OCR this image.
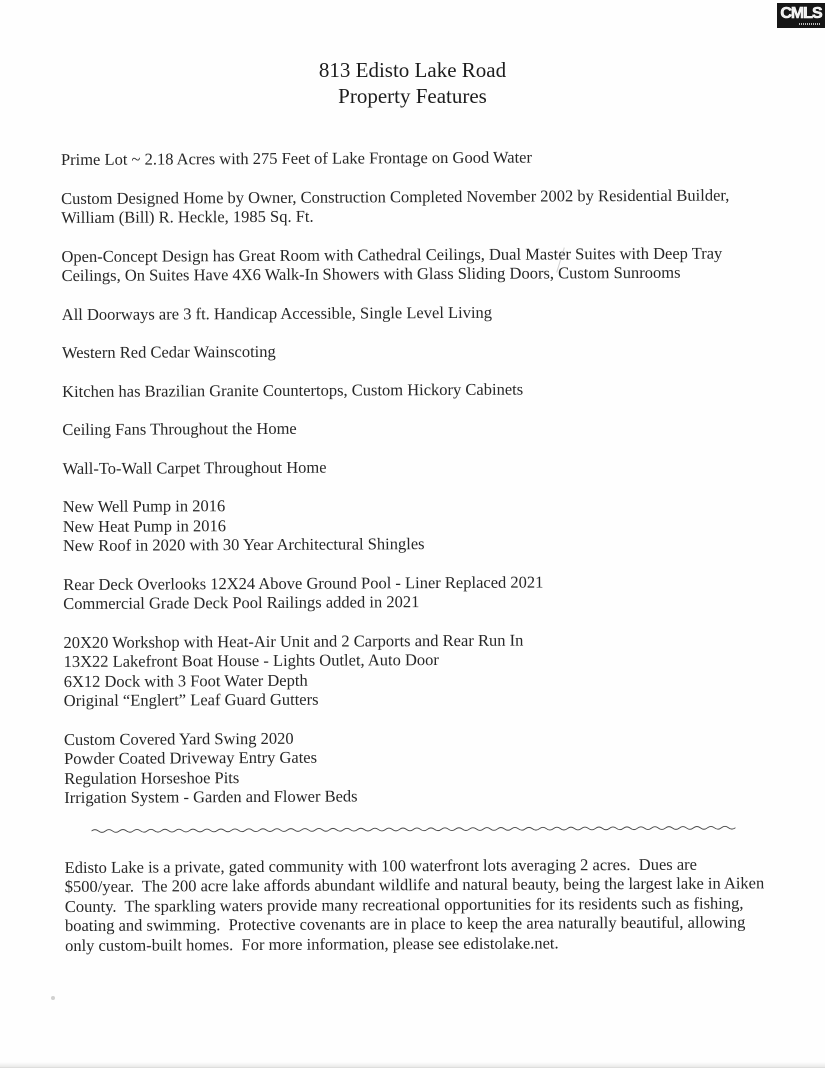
CMLS
813 Edisto Lake Road
Property Features
Prime Lot ~ 2.18 Acres with 275 Feet of Lake Frontage on Good Water
Custom Designed Home by Owner, Construction Completed November 2002 by Residential Builder,
William (Bill) R. Heckle, 1985 Sq. Ft.
Open-Concept Design has Great Room with Cathedral Ceilings, Dual Master Suites with Deep Tray
Ceilings, On Suites Have 4X6 Walk-In Showers with Glass Sliding Doors, Custom Sunrooms
All Doorways are 3 ft. Handicap Accessible, Single Level Living
Western Red Cedar Wainscoting
Kitchen has Brazilian Granite Countertops, Custom Hickory Cabinets
Ceiling Fans Throughout the Home
Wall-To-Wall Carpet Throughout Home
New Well Pump in 2016
New Heat Pump in 2016
New Roof in 2020 with 30 Year Architectural Shingles
Rear Deck Overlooks 12X24 Above Ground Pool - Liner Replaced 2021
Commercial Grade Deck Pool Railings added in 2021
20X20 Workshop with Heat-Air Unit and 2 Carports and Rear Run In
13X22 Lakefront Boat House - Lights Outlet, Auto Door
6X12 Dock with 3 Foot Water Depth
Original “Englert” Leaf Guard Gutters
Custom Covered Yard Swing 2020
Powder Coated Driveway Entry Gates
Regulation Horseshoe Pits
Irrigation System - Garden and Flower Beds
Edisto Lake is a private, gated community with 100 waterfront lots averaging 2 acres.  Dues are
$500/year.  The 200 acre lake affords abundant wildlife and natural beauty, being the largest lake in Aiken
County.  The sparkling waters provide many recreational opportunities for its residents such as fishing,
boating and swimming.  Protective covenants are in place to keep the area naturally beautiful, allowing
only custom-built homes.  For more information, please see edistolake.net.
